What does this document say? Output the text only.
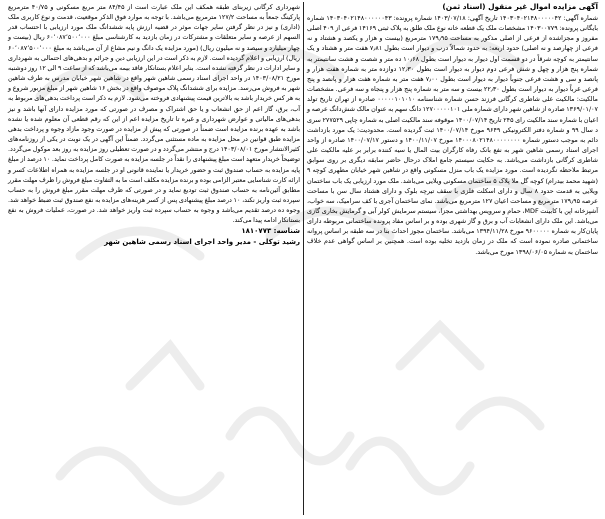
آگهی مزایده اموال غیر منقول (اسناد ثمن)

شماره آگهی: ۱۴۰۳۰۴۰۲۱۴۸۰۰۰۰۰۴۲ تاریخ آگهی: ۱۴۰۳/۰۷/۱۸ شماره پرونده: ۱۴۰۳۰۴۰۲۱۴۸۰۰۰۰۰۰۴۳ شماره بایگانی پرونده: ۱۴۰۳۰۰۷۷۹ مشخصات ملک یک قطعه خانه نوع ملک طلق به پلاک ثبتی ۱۴۱۶۹ فرعی از ۴۰۹ اصلی مفروز و مجزاشده از فرعی از اصلی مذکور به مساحت ۱۷۹٫۹۵ مترمربع (بیست و هزار و یکصد و هشتاد و نه فرعی از چهارصد و نه اصلی) حدود اربعه: به حدود شمالاً درب و دیوار است بطول ۷٫۸۱ هفت متر و هشتاد و یک سانتیمتر به کوچه شرقاً در دو قسمت اول دیوار به دیوار است بطول ۱۰٫۶۸ ده متر و شصت و هشت سانتیمتر به شماره پنج هزار و چهل و شش فرعی دوم دیوار به دیوار است بطول ۱۲٫۳۰ دوازده متر به شماره هفت هزار و پانصد و سی و هشت فرعی جنوباً دیوار به دیوار است بطول ۷٫۰۰ هفت متر به شماره هفت هزار و پانصد و پنج فرعی غرباً دیوار به دیوار است بطول ۲۲٫۳۰ بیست و سه متر به شماره پنج هزار و پنجاه و سه فرعی. مشخصات مالکیت: مالکیت علی شاطری کرگانی فرزند حسن شماره شناسنامه ۰۰۰۰۰۱۰۱۰۱۰ صادره از تهران تاریخ تولد ۱۳۶۹/۰۱/۰۷ صادره از شاهین شهر دارای شماره ملی ۱۲۷۰۰۰۰۰۱۰۱ دانگ سهم به عنوان مالک شش‌دانگ عرصه و اعیان با شماره سند مالکیت رای ۲۴۵ تاریخ ۱۴۰۰/۰۷/۱۴ موقوفه سند مالکیت اصلی به شماره چاپی ۲۷۷۵۲۹ سری د سال ۹۹ و شماره دفتر الکترونیکی ۹۶۴۹ مورخ ۱۴۰۰/۰۷/۱۴ ثبت گردیده است. محدودیت: یک مورد بازداشت دائم به موجب دستور شماره ۱۴۰۰۰۸۰۲۱۴۸۰۰۰۰۰۰۰۰ مورخ ۱۴۰۰/۱۱/۰۷ و دستور ۱۴۰۰/۰۷/۱۷ صادره از واحد اجرای اسناد رسمی شاهین شهر به نفع بانک رفاه کارگران بیت المال یا سیه کننده برابر بر علیه مالکیت علی شاطری کرگانی بازداشت می‌باشد. به حکایت سیستم جامع املاک درحال حاضر سابقه دیگری بر روی سوابق مرتبط ملاحظه نگردیده است. مورد مزایده یک باب منزل مسکونی واقع در شاهین شهر خیابان مطهری کوچه ۹ (شهید محمد بیدرام) کوچه گل ملا پلاک ۵ ساختمان مسکونی ویلایی می‌باشد. ملک مورد ارزیابی یک باب ساختمان ویلایی به قدمت حدود ۸ سال و دارای اسکلت فلزی با سقف تیرچه بلوک و دارای هشتاد سال سن با مساحت عرصه ۱۷۹٫۹۵ مترمربع و مساحت اعیان ۱۲۷ مترمربع می‌باشد. نمای ساختمان آجری با کف سرامیک، سه خواب، آشپزخانه اپن با کابینت MDF، حمام و سرویس بهداشتی مجزا، سیستم سرمایش کولر آبی و گرمایش بخاری گازی می‌باشد. این ملک دارای انشعابات آب و برق و گاز شهری بوده و بر اساس مفاد پرونده ساختمانی مربوطه دارای پایان‌کار به شماره ۹۶۰۰۰۰۰ مورخ ۱۳۹۴/۱۱/۲۸ می‌باشد. ساختمان مجوز احداث بنا در سه طبقه بر اساس پروانه ساختمانی صادره نموده است که ملک در زمان بازدید تخلیه بوده است. همچنین بر اساس گواهی عدم خلاف ساختمان به شماره ۱۳۹۸/۰۶/۰۵ مورخ می‌باشد.

شهرداری کرگانی زیربنای طبقه همکف این ملک عبارت است از ۸۴/۴۵ متر مربع مسکونی و ۴۰/۷۵ مترمربع پارکینگ جمعاً به مساحت ۱۲۷/۲ مترمربع می‌باشد. با توجه به موارد فوق الذکر موقعیت، قدمت و نوع کاربری ملک (اداری) و نیز در نظر گرفتن سایر جهات موثر در قضیه ارزش پایه ششدانگ ملک مورد ارزیابی با احتساب قدر السهم از عرصه و سایر متعلقات و مشترکات در زمان بازدید به کارشناسی مبلغ ۶۰٬۰۸۷٬۵۰۰٬۰۰۰ ریال (بیست و چهار میلیارد و سیصد و نه میلیون ریال) (مورد مزایده یک دانگ و نیم مشاع از آن می‌باشد به مبلغ ۶۰٬۰۸۷٬۵۰۰٬۰۰۰ ریال) ارزیابی و اعلام گردیده است. لازم به ذکر است در این ارزیابی دین و جرائم و بدهی‌های احتمالی به شهرداری و سایر ادارات در نظر گرفته نشده است. بنابر اعلام بستانکار فاقد بیمه می‌باشد که از ساعت ۹ الی ۱۲ روز دوشنبه مورخ ۱۴۰۳/۰۸/۲۱ در واحد اجرای اسناد رسمی شاهین شهر واقع در شاهین شهر خیابان مدرس به طرف شاهین شهر به فروش می‌رسد. مزایده برای ششدانگ پلاک موصوف واقع در بخش ۱۶ شاهین شهر از مبلغ مزبور شروع و به هر کس خریدار باشد به بالاترین قیمت پیشنهادی فروخته می‌شود. لازم به ذکر است پرداخت بدهی‌های مربوط به آب، برق، گاز اعم از حق انشعاب و یا حق اشتراک و مصرف در صورتی که مورد مزایده دارای آنها باشد و نیز بدهی‌های مالیاتی و عوارض شهرداری و غیره تا تاریخ مزایده اعم از این که رقم قطعی آن معلوم شده یا نشده باشد به عهده برنده مزایده است ضمناً در صورتی که پیش از مزایده در صورت وجود مازاد وجوه و پرداخت بدهی مزایده طبق قوانین در محل مزایده به ماده مستثنی می‌گردد. ضمناً این آگهی در یک نوبت در یکی از روزنامه‌های کثیرالانتشار مورخ ۱۴۰۳/۰۸/۰۱ درج و منتشر می‌گردد و در صورت تعطیلی روز مزایده به روز بعد موکول می‌گردد. توضیحاً خریدار متعهد است مبلغ پیشنهادی را نقداً در جلسه مزایده به صورت کامل پرداخت نماید. ۱۰ درصد از مبلغ پایه مزایده به حساب صندوق ثبت و حضور خریدار یا نماینده قانونی او در جلسه مزایده به همراه اطلاعات کسر و ارائه کارت شناسایی معتبر الزامی بوده و برنده مزایده مکلف است ما به التفاوت مبلغ فروش را ظرف مهلت مقرر مطابق آئین‌نامه به حساب صندوق ثبت تودیع نماید و در صورتی که ظرف مهلت مقرر مبلغ فروش را به حساب سپرده ثبت واریز نکند، ۱۰ درصد مبلغ پیشنهادی پس از کسر هزینه‌های مزایده به نفع صندوق ثبت ضبط خواهد شد. وجوه ده درصد تقدیم می‌باشد و وجوه به حساب سپرده ثبت واریز خواهد شد. در صورت، عملیات فروش به نفع بستانکار ادامه پیدا می‌کند.

شناسه: ۱۸۱۰۷۷۳
رشید توکلی - مدیر واحد اجرای اسناد رسمی شاهین شهر
